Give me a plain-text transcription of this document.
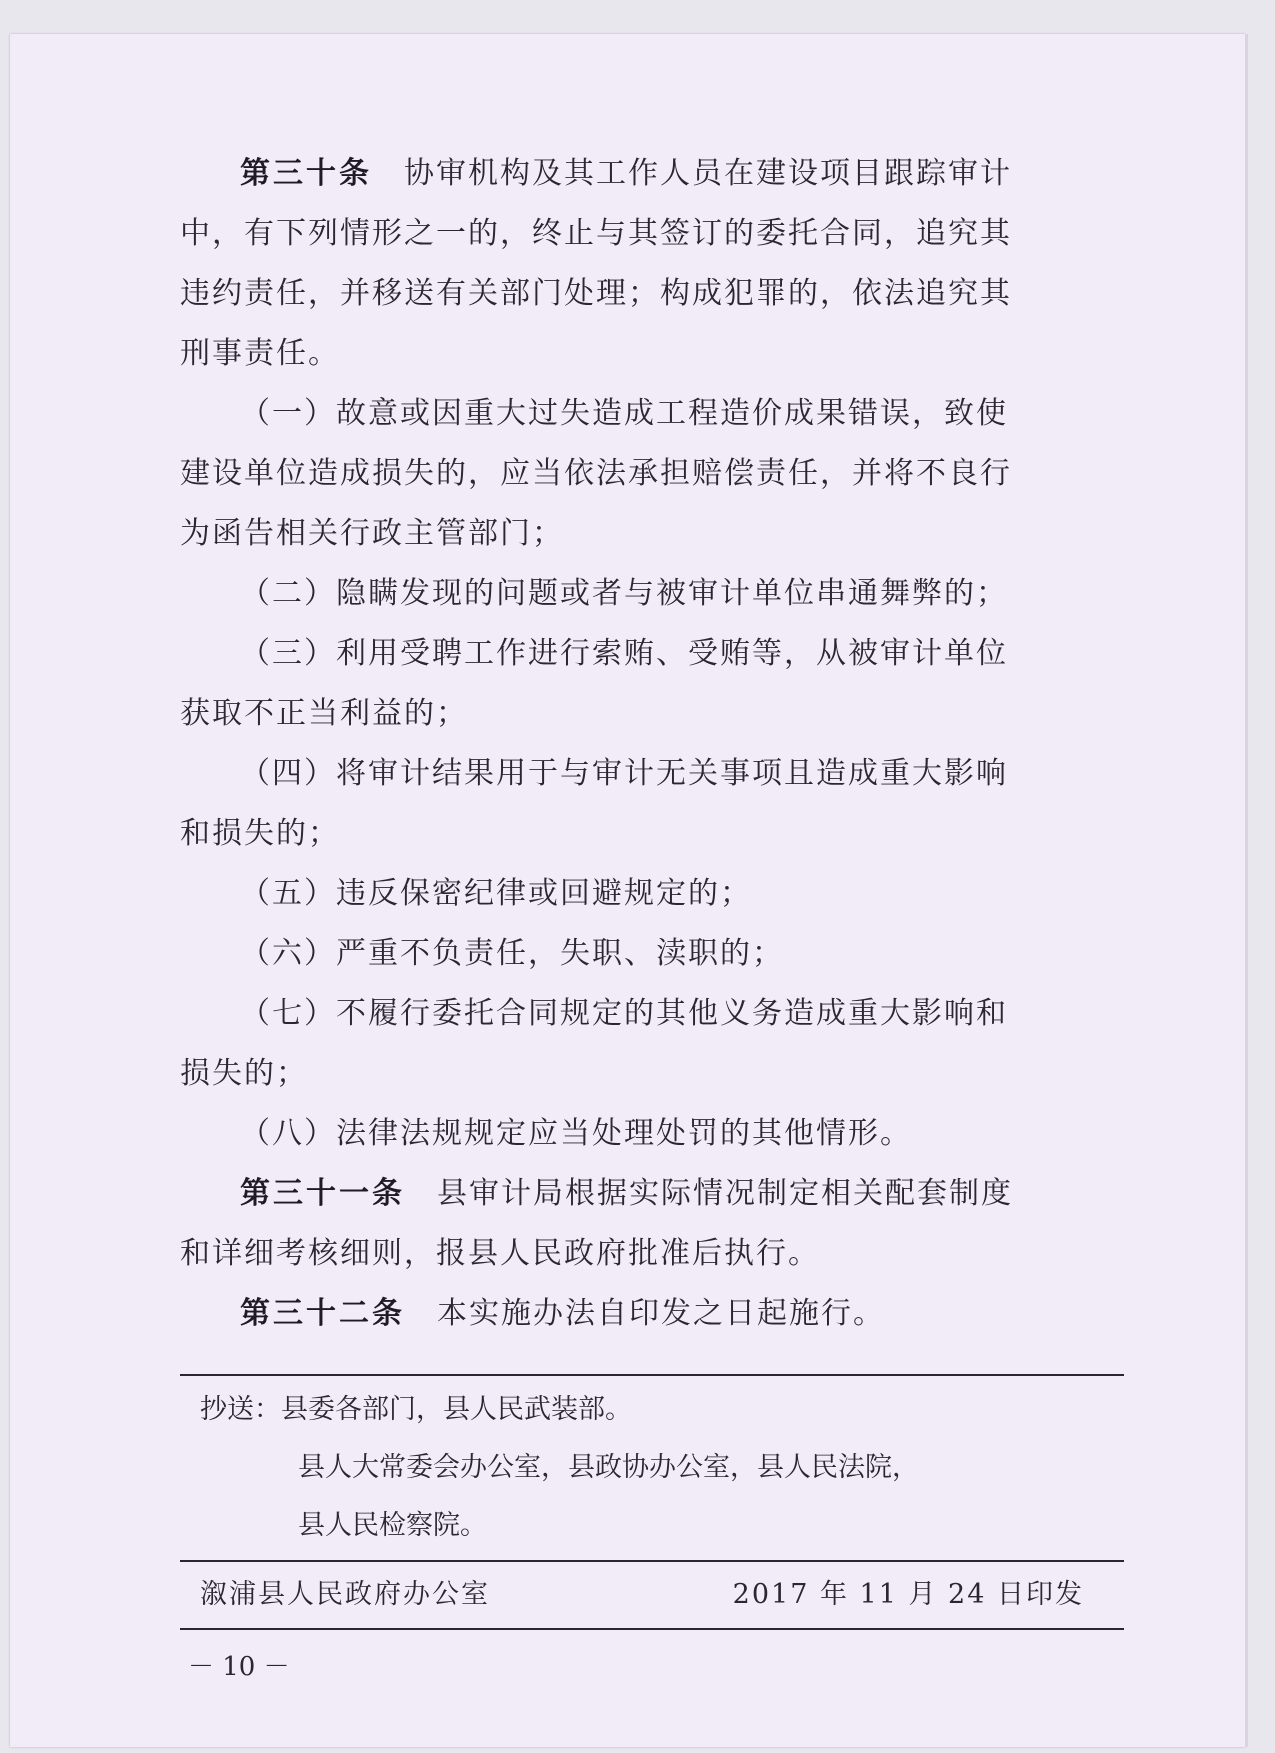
第三十条　 协审机构及其工作人员在建设项目跟踪审计中，有下列情形之一的，终止与其签订的委托合同，追究其违约责任，并移送有关部门处理；构成犯罪的，依法追究其刑事责任。

（一）故意或因重大过失造成工程造价成果错误，致使建设单位造成损失的，应当依法承担赔偿责任，并将不良行为函告相关行政主管部门；

（二）隐瞒发现的问题或者与被审计单位串通舞弊的；

（三）利用受聘工作进行索贿、受贿等，从被审计单位获取不正当利益的；

（四）将审计结果用于与审计无关事项且造成重大影响和损失的；

（五）违反保密纪律或回避规定的；

（六）严重不负责任，失职、渎职的；

（七）不履行委托合同规定的其他义务造成重大影响和损失的；

（八）法律法规规定应当处理处罚的其他情形。

第三十一条　 县审计局根据实际情况制定相关配套制度和详细考核细则，报县人民政府批准后执行。

第三十二条　 本实施办法自印发之日起施行。

抄送： 县委各部门，县人民武装部。
县人大常委会办公室，县政协办公室，县人民法院，
县人民检察院。
溆浦县人民政府办公室	2017 年 11 月 24 日印发
－ 10 －
